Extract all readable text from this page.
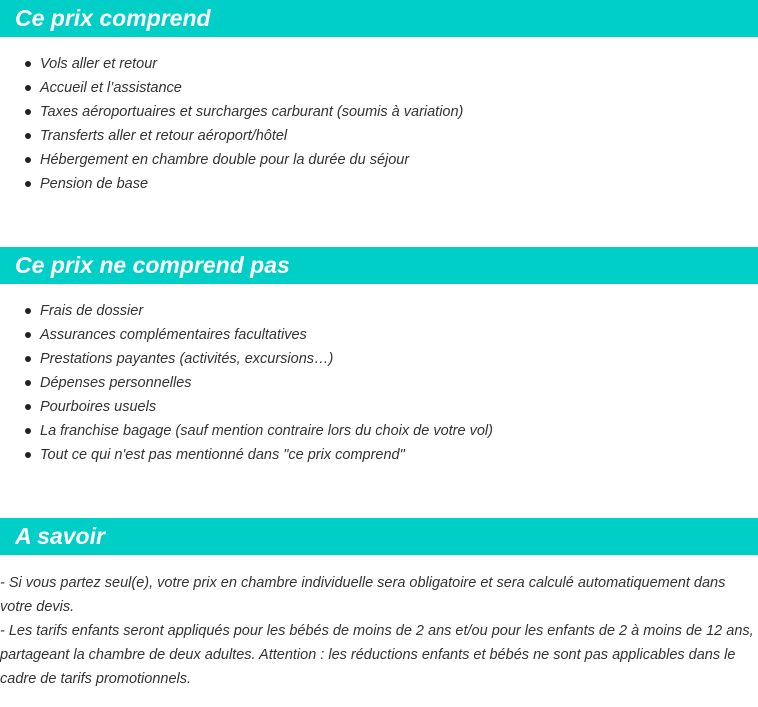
Ce prix comprend
Vols aller et retour
Accueil et l’assistance
Taxes aéroportuaires et surcharges carburant (soumis à variation)
Transferts aller et retour aéroport/hôtel
Hébergement en chambre double pour la durée du séjour
Pension de base
Ce prix ne comprend pas
Frais de dossier
Assurances complémentaires facultatives
Prestations payantes (activités, excursions…)
Dépenses personnelles
Pourboires usuels
La franchise bagage (sauf mention contraire lors du choix de votre vol)
Tout ce qui n'est pas mentionné dans "ce prix comprend"
A savoir

- Si vous partez seul(e), votre prix en chambre individuelle sera obligatoire et sera calculé automatiquement dans votre devis.

- Les tarifs enfants seront appliqués pour les bébés de moins de 2 ans et/ou pour les enfants de 2 à moins de 12 ans, partageant la chambre de deux adultes. Attention : les réductions enfants et bébés ne sont pas applicables dans le cadre de tarifs promotionnels.
